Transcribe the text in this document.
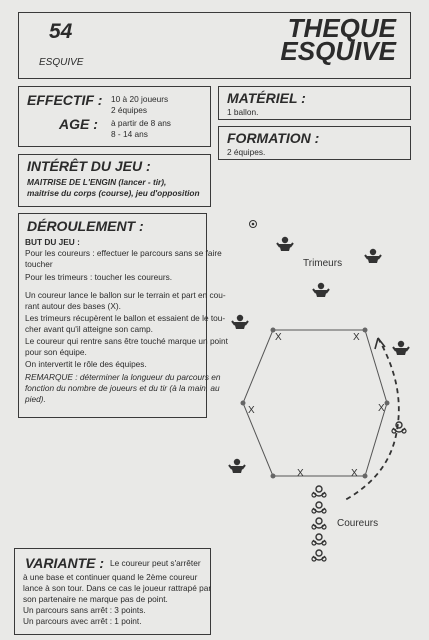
54
ESQUIVE
THEQUE
ESQUIVE
EFFECTIF : 10 à 20 joueurs
2 équipes
AGE : à partir de 8 ans
8 - 14 ans
MATÉRIEL :
1 ballon.
FORMATION :
2 équipes.
INTÉRÊT DU JEU :
MAITRISE DE L'ENGIN (lancer - tir),
maitrise du corps (course), jeu d'opposition
DÉROULEMENT :
BUT DU JEU :
Pour les coureurs : effectuer le parcours sans se faire
toucher
Pour les trimeurs : toucher les coureurs.
Un coureur lance le ballon sur le terrain et part en cou-
rant autour des bases (X).
Les trimeurs récupèrent le ballon et essaient de le tou-
cher avant qu'il atteigne son camp.
Le coureur qui rentre sans être touché marque un point
pour son équipe.
On intervertit le rôle des équipes.
REMARQUE : déterminer la longueur du parcours en
fonction du nombre de joueurs et du tir (à la main, au
pied).
VARIANTE : Le coureur peut s'arrêter
à une base et continuer quand le 2ème coureur
lance à son tour. Dans ce cas le joueur rattrapé par
son partenaire ne marque pas de point.
Un parcours sans arrêt : 3 points.
Un parcours avec arrêt : 1 point.
X	X
X
X
X
X
Trimeurs
Coureurs
